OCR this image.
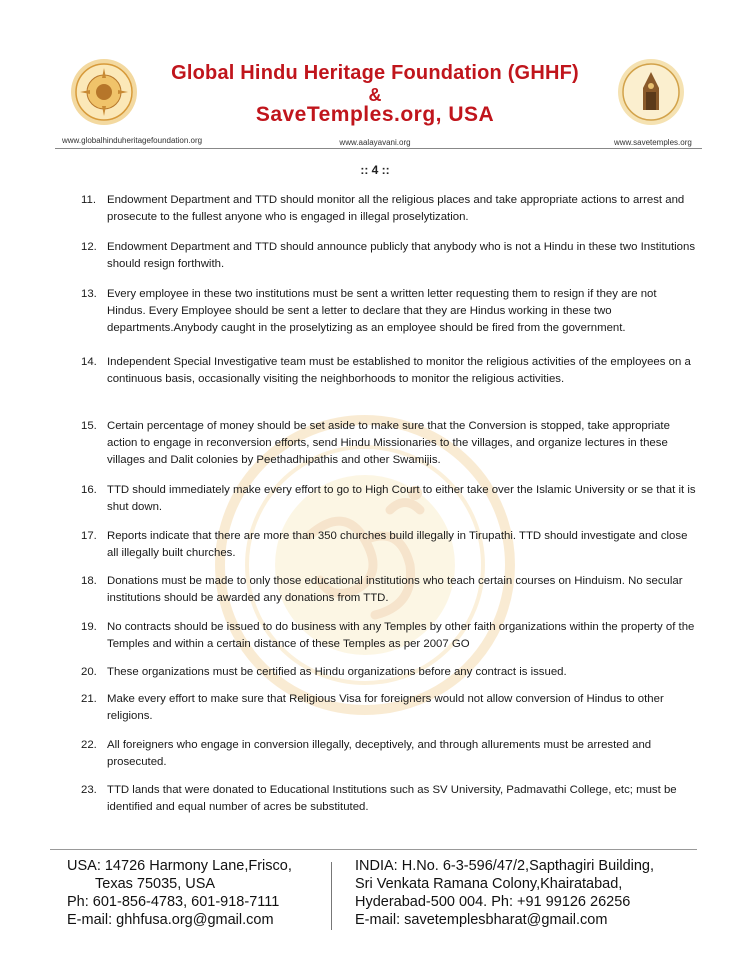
Global Hindu Heritage Foundation (GHHF)
&
SaveTemples.org, USA
www.globalhinduheritagefoundation.org	www.aalayavani.org	www.savetemples.org
:: 4 ::
11. Endowment Department and TTD should monitor all the religious places and take appropriate actions to arrest and prosecute to the fullest anyone who is engaged in illegal proselytization.
12. Endowment Department and TTD should announce publicly that anybody who is not a Hindu in these two Institutions should resign forthwith.
13. Every employee in these two institutions must be sent a written letter requesting them to resign if they are not Hindus. Every Employee should be sent a letter to declare that they are Hindus working in these two departments.Anybody caught in the proselytizing as an employee should be fired from the government.
14. Independent Special Investigative team must be established to monitor the religious activities of the employees on a continuous basis, occasionally visiting the neighborhoods to monitor the religious activities.
15. Certain percentage of money should be set aside to make sure that the Conversion is stopped, take appropriate action to engage in reconversion efforts, send Hindu Missionaries to the villages, and organize lectures in these villages and Dalit colonies by Peethadhipathis and other Swamijis.
16. TTD should immediately make every effort to go to High Court to either take over the Islamic University or se that it is shut down.
17. Reports indicate that there are more than 350 churches build illegally in Tirupathi. TTD should investigate and close all illegally built churches.
18. Donations must be made to only those educational institutions who teach certain courses on Hinduism. No secular institutions should be awarded any donations from TTD.
19. No contracts should be issued to do business with any Temples by other faith organizations within the property of the Temples and within a certain distance of these Temples as per 2007 GO
20. These organizations must be certified as Hindu organizations before any contract is issued.
21. Make every effort to make sure that Religious Visa for foreigners would not allow conversion of Hindus to other religions.
22. All foreigners who engage in conversion illegally, deceptively, and through allurements must be arrested and prosecuted.
23. TTD lands that were donated to Educational Institutions such as SV University, Padmavathi College, etc; must be identified and equal number of acres be substituted.
USA: 14726 Harmony Lane,Frisco,
Texas 75035, USA
Ph: 601-856-4783, 601-918-7111
E-mail: ghhfusa.org@gmail.com
INDIA: H.No. 6-3-596/47/2,Sapthagiri Building,
Sri Venkata Ramana Colony,Khairatabad,
Hyderabad-500 004. Ph: +91 99126 26256
E-mail: savetemplesbharat@gmail.com
